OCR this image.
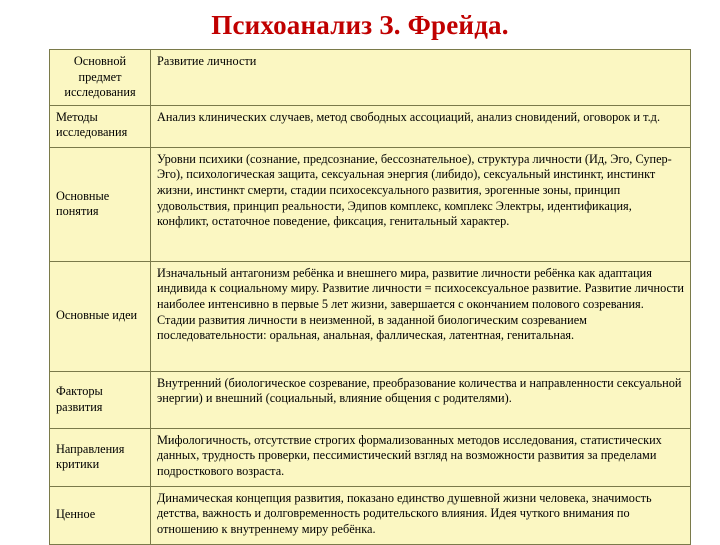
Психоанализ З. Фрейда.
Основной предмет исследования	Развитие личности
Методы исследования	Анализ клинических случаев, метод свободных ассоциаций, анализ сновидений, оговорок и т.д.
Основные понятия	Уровни психики (сознание, предсознание, бессознательное), структура личности (Ид, Эго, Супер-Эго), психологическая защита, сексуальная энергия (либидо), сексуальный инстинкт, инстинкт жизни, инстинкт смерти, стадии психосексуального развития, эрогенные зоны, принцип удовольствия, принцип реальности, Эдипов комплекс, комплекс Электры, идентификация, конфликт, остаточное поведение, фиксация, генитальный характер.
Основные идеи	Изначальный антагонизм ребёнка и внешнего мира, развитие личности ребёнка как адаптация индивида к социальному миру. Развитие личности = психосексуальное развитие. Развитие личности наиболее интенсивно в первые 5 лет жизни, завершается с окончанием полового созревания. Стадии развития личности в неизменной, в заданной биологическим созреванием последовательности: оральная, анальная, фаллическая, латентная, генитальная.
Факторы развития	Внутренний (биологическое созревание, преобразование количества и направленности сексуальной энергии) и внешний (социальный, влияние общения с родителями).
Направления критики	Мифологичность, отсутствие строгих формализованных методов исследования, статистических данных, трудность проверки, пессимистический взгляд на возможности развития за пределами подросткового возраста.
Ценное	Динамическая концепция развития, показано единство душевной жизни человека, значимость детства, важность и долговременность родительского влияния. Идея чуткого внимания по отношению к внутреннему миру ребёнка.
